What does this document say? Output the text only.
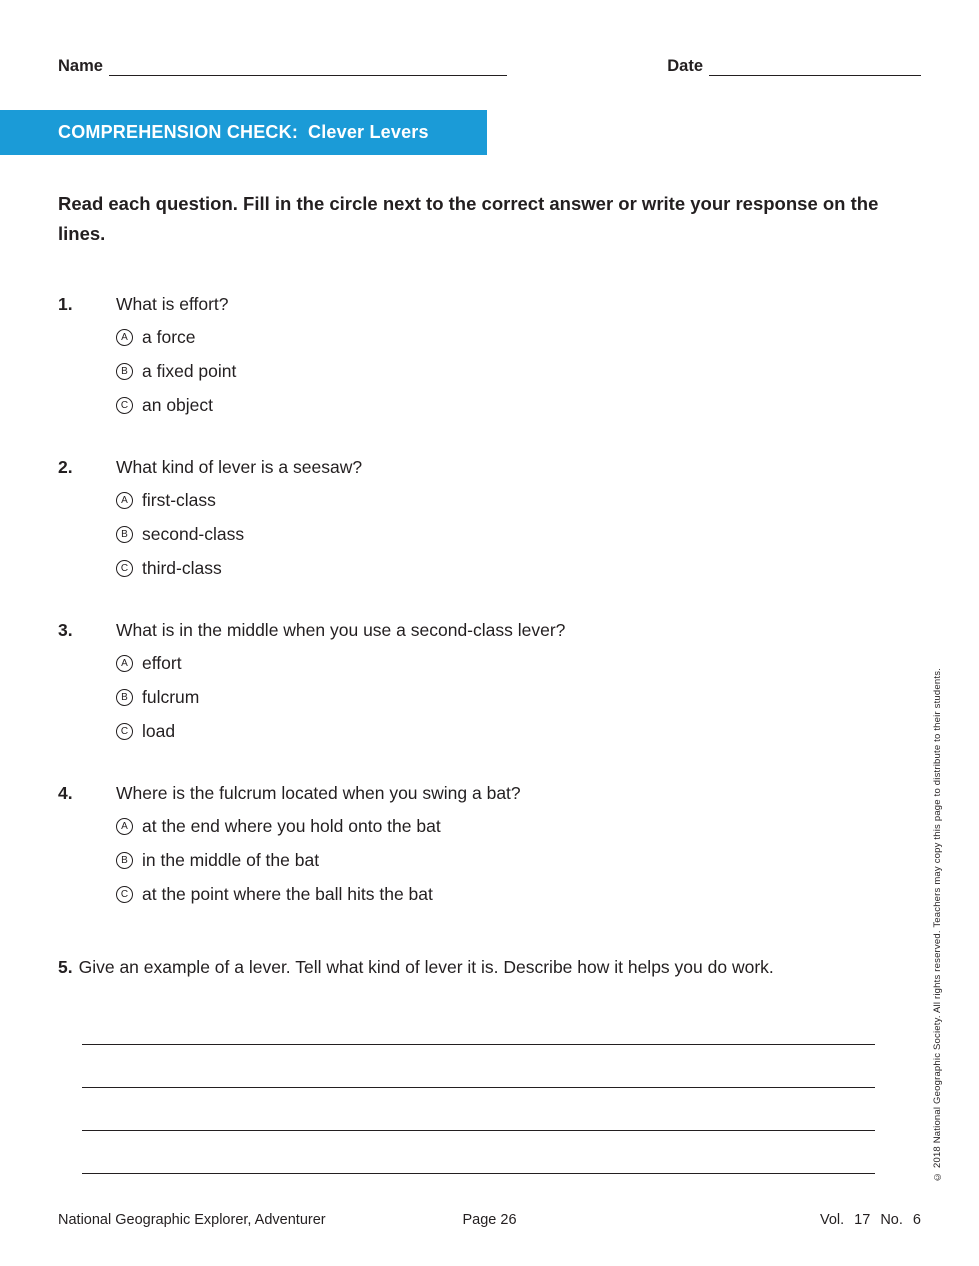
Name	Date
COMPREHENSION CHECK: Clever Levers

Read each question. Fill in the circle next to the correct answer or write your response on the lines.

1.	What is effort?
A a force
B a fixed point
C an object
2.	What kind of lever is a seesaw?
A first-class
B second-class
C third-class
3.	What is in the middle when you use a second-class lever?
A effort
B fulcrum
C load
4.	Where is the fulcrum located when you swing a bat?
A at the end where you hold onto the bat
B in the middle of the bat
C at the point where the ball hits the bat
5. Give an example of a lever. Tell what kind of lever it is. Describe how it helps you do work.	© 2018 National Geographic Society. All rights reserved. Teachers may copy this page to distribute to their students.
National Geographic Explorer, Adventurer	Page 26	Vol. 17 No. 6
